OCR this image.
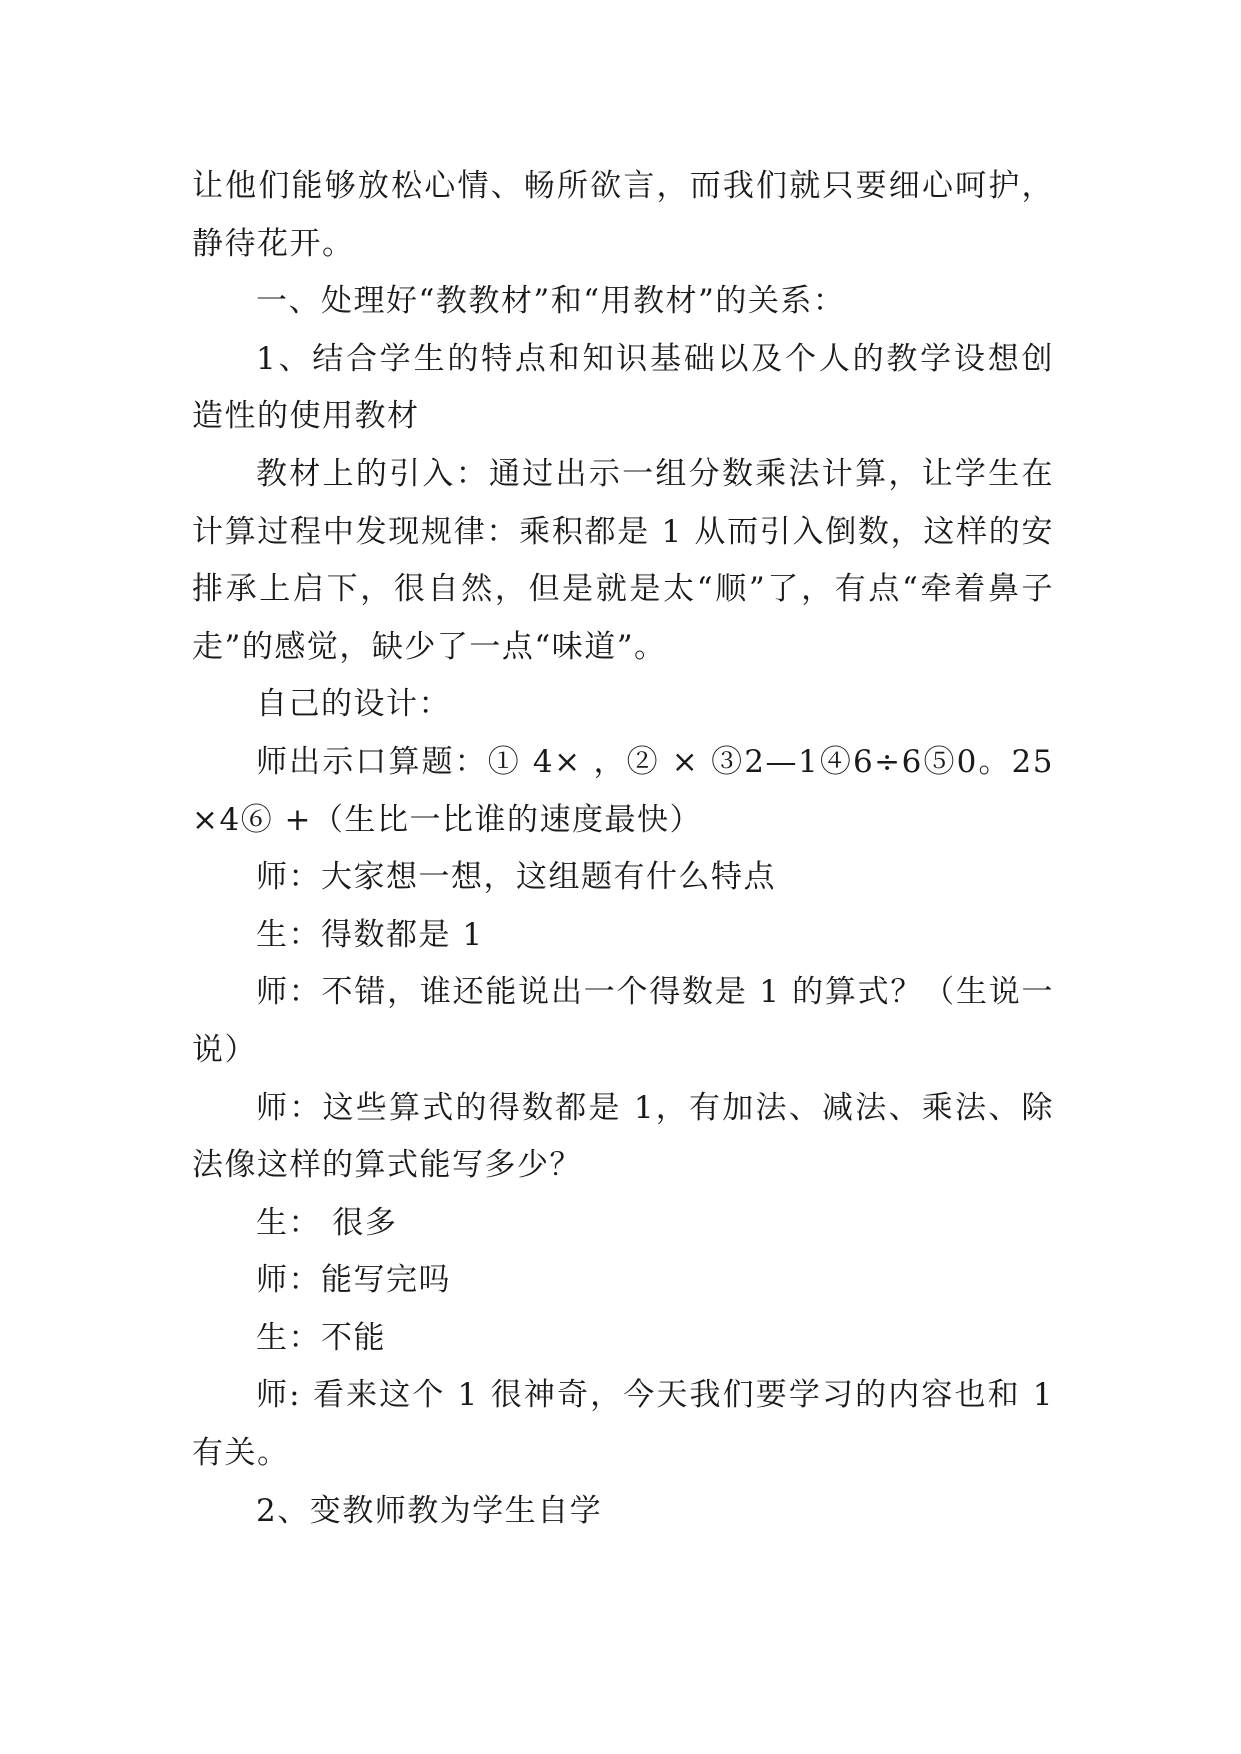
让他们能够放松心情、畅所欲言，而我们就只要细心呵护，静待花开。

一、处理好“教教材”和“用教材”的关系：

1、结合学生的特点和知识基础以及个人的教学设想创造性的使用教材

教材上的引入：通过出示一组分数乘法计算，让学生在计算过程中发现规律：乘积都是 1 从而引入倒数，这样的安排承上启下，很自然，但是就是太“顺”了，有点“牵着鼻子走”的感觉，缺少了一点“味道”。

自己的设计：

师出示口算题：① 4× ，② × ③2—1④6÷6⑤0。25×4⑥ +（生比一比谁的速度最快）

师：大家想一想，这组题有什么特点

生：得数都是 1

师：不错，谁还能说出一个得数是 1 的算式？（生说一说）

师：这些算式的得数都是 1，有加法、减法、乘法、除法像这样的算式能写多少？

生： 很多

师：能写完吗

生：不能

师: 看来这个 1 很神奇，今天我们要学习的内容也和 1 有关。

2、变教师教为学生自学
